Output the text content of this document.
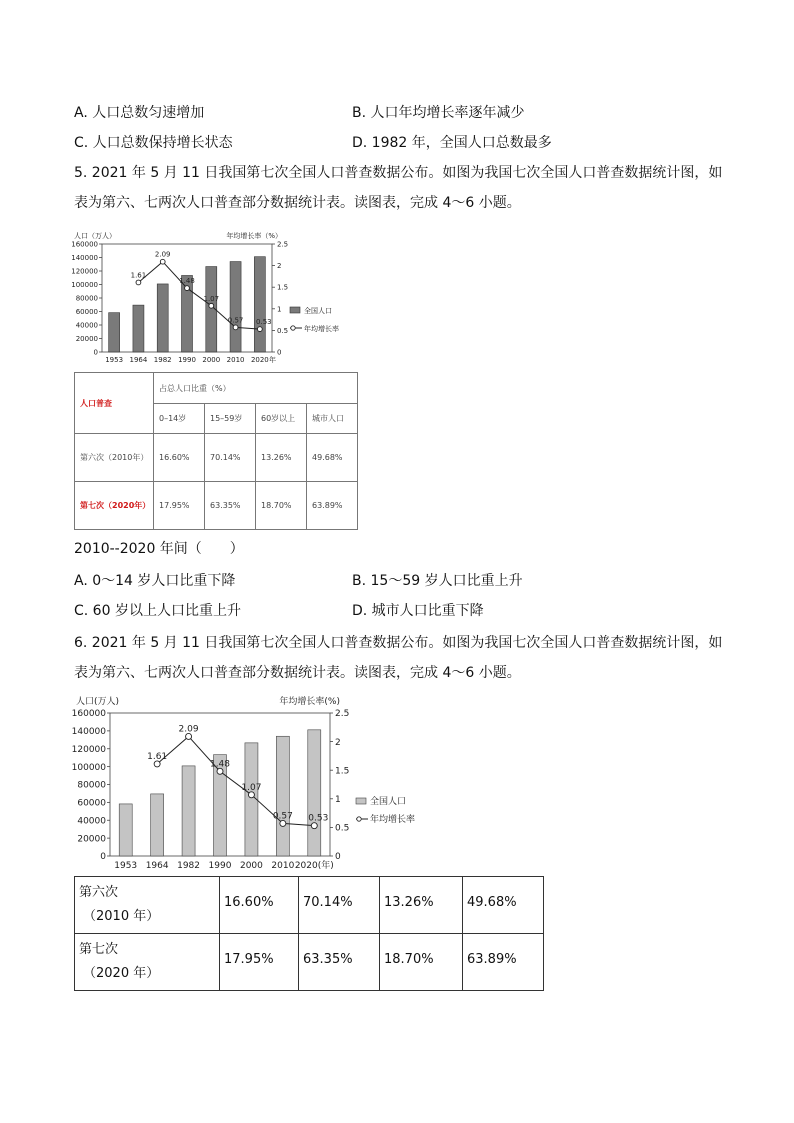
A. 人口总数匀速增加	B. 人口年均增长率逐年减少
C. 人口总数保持增长状态	D. 1982 年，全国人口总数最多
5. 2021 年 5 月 11 日我国第七次全国人口普查数据公布。如图为我国七次全国人口普查数据统计图，如表为第六、七两次人口普查部分数据统计表。读图表，完成 4～6 小题。
人口（万人）	年均增长率（%）
0
20000
40000
60000
80000
100000
120000
140000
160000
0
0.5
1
1.5
2
2.5
1953 1964 1982 1990 2000 2010 2020 年
1.61
2.09
1.48
1.07
0.57 0.53
全国人口
年均增长率
人口普查	占总人口比重（%）			
	0–14岁	15–59岁	60岁以上	城市人口
第六次（2010年）	16.60%	70.14%	13.26%	49.68%
第七次（2020年）	17.95%	63.35%	18.70%	63.89%
2010--2020 年间（　　）
A. 0～14 岁人口比重下降	B. 15～59 岁人口比重上升
C. 60 岁以上人口比重上升	D. 城市人口比重下降
6. 2021 年 5 月 11 日我国第七次全国人口普查数据公布。如图为我国七次全国人口普查数据统计图，如表为第六、七两次人口普查部分数据统计表。读图表，完成 4～6 小题。
人口(万人)	年均增长率(%)
0
20000
40000
60000
80000
100000
120000
140000
160000
0
0.5
1
1.5
2
2.5
1953 1964 1982 1990 2000 2010 2020(年)
1.61
2.09
1.48
1.07
0.57 0.53
全国人口
年均增长率
第六次
（2010 年）	16.60%	70.14%	13.26%	49.68%

第七次
（2020 年）	17.95%	63.35%	18.70%	63.89%
